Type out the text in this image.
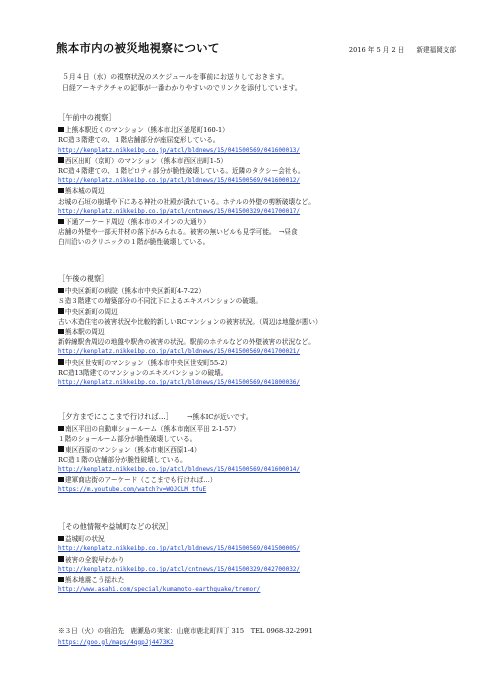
熊本市内の被災地視察について	2016 年 5 月 2 日 新建福岡支部
５月４日（水）の視察状況のスケジュールを事前にお送りしておきます。
日経アーキテクチャの記事が一番わかりやすいのでリンクを添付しています。
［午前中の視察］
上熊本駅近くのマンション（熊本市北区釜尾町160-1）
RC造３階建ての、１階店舗部分が座屈変形している。
http://kenplatz.nikkeibp.co.jp/atcl/bldnews/15/041500569/041600013/
西区出町（京町）のマンション（熊本市西区出町1-5）
RC造４階建ての、１階ピロティ部分が脆性破壊している。近隣のタクシー会社も。
http://kenplatz.nikkeibp.co.jp/atcl/bldnews/15/041500569/041600012/
熊本城の周辺
お城の石垣の崩壊や下にある神社の社殿が潰れている。ホテルの外壁の剪断破壊など。
http://kenplatz.nikkeibp.co.jp/atcl/cntnews/15/041500329/041700017/
下通アーケード周辺（熊本市のメインの大通り）
店舗の外壁や一部天井材の落下がみられる。被害の無いビルも見学可能。　→昼食
白川沿いのクリニックの１階が脆性破壊している。
［午後の視察］
中央区新町の病院（熊本市中央区新町4-7-22）
Ｓ造３階建ての増築部分の不同沈下によるエキスパンションの破壊。
中央区新町の周辺
古い木造住宅の被害状況や比較的新しいRCマンションの被害状況。（周辺は地盤が悪い）
熊本駅の周辺
新幹線駅舎周辺の地盤や駅舎の被害の状況。駅前のホテルなどの外壁被害の状況など。
http://kenplatz.nikkeibp.co.jp/atcl/bldnews/15/041500569/041700021/
中央区世安町のマンション（熊本市中央区世安町55-2）
RC造13階建てのマンションのエキスパンションの破壊。
http://kenplatz.nikkeibp.co.jp/atcl/bldnews/15/041500569/041800036/
［夕方までにここまで行ければ…］ →熊本ICが近いです。
南区平田の自動車ショールーム（熊本市南区平田 2-1-57）
１階のショールーム部分が脆性破壊している。
東区西原のマンション（熊本市東区西原1-4）
RC造１階の店舗部分が脆性破壊している。
http://kenplatz.nikkeibp.co.jp/atcl/bldnews/15/041500569/041600014/
建軍商店街のアーケード（ここまでも行ければ…）
https://m.youtube.com/watch?v=WOJCLM_tfuE
［その他情報や益城町などの状況］
益城町の状況
http://kenplatz.nikkeibp.co.jp/atcl/bldnews/15/041500569/041500005/
被害の全貌早わかり
http://kenplatz.nikkeibp.co.jp/atcl/cntnews/15/041500329/042700032/
熊本地震こう揺れた
http://www.asahi.com/special/kumamoto-earthquake/tremor/
※３日（火）の宿泊先　鹿瀬島の実家：山鹿市鹿北町四丁 315　TEL 0968-32-2991
https://goo.gl/maps/4qgpJj4473K2
